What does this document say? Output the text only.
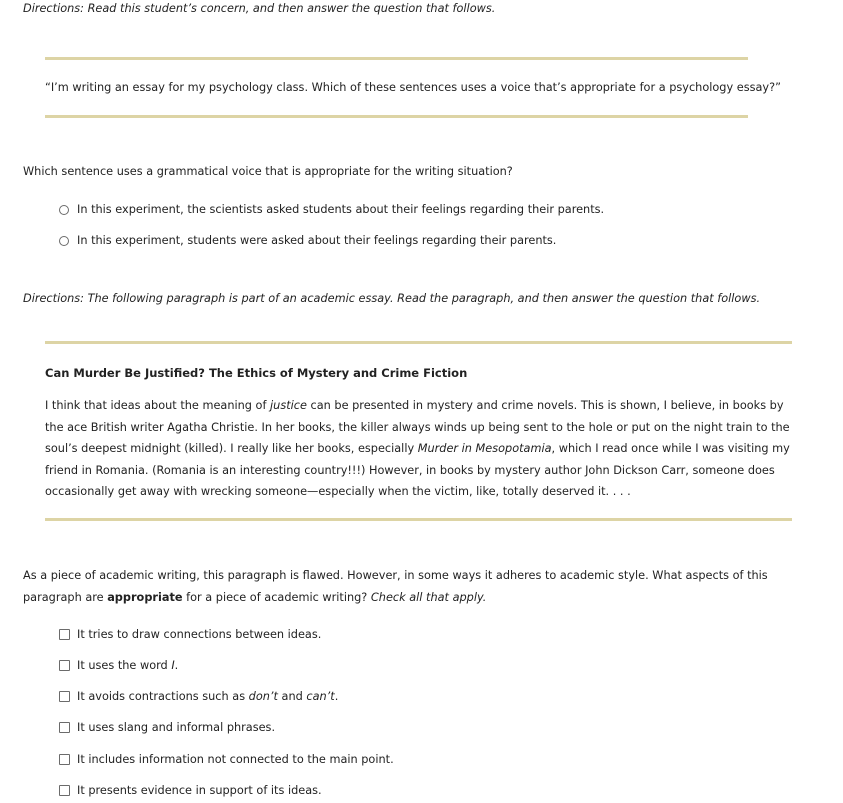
Directions: Read this student’s concern, and then answer the question that follows.
“I’m writing an essay for my psychology class. Which of these sentences uses a voice that’s appropriate for a psychology essay?”
Which sentence uses a grammatical voice that is appropriate for the writing situation?
In this experiment, the scientists asked students about their feelings regarding their parents.
In this experiment, students were asked about their feelings regarding their parents.
Directions: The following paragraph is part of an academic essay. Read the paragraph, and then answer the question that follows.
Can Murder Be Justified? The Ethics of Mystery and Crime Fiction
I think that ideas about the meaning of justice can be presented in mystery and crime novels. This is shown, I believe, in books by the ace British writer Agatha Christie. In her books, the killer always winds up being sent to the hole or put on the night train to the soul’s deepest midnight (killed). I really like her books, especially Murder in Mesopotamia, which I read once while I was visiting my friend in Romania. (Romania is an interesting country!!!) However, in books by mystery author John Dickson Carr, someone does occasionally get away with wrecking someone—especially when the victim, like, totally deserved it. . . .
As a piece of academic writing, this paragraph is flawed. However, in some ways it adheres to academic style. What aspects of this paragraph are appropriate for a piece of academic writing? Check all that apply.
It tries to draw connections between ideas.
It uses the word I.
It avoids contractions such as don’t and can’t.
It uses slang and informal phrases.
It includes information not connected to the main point.
It presents evidence in support of its ideas.
